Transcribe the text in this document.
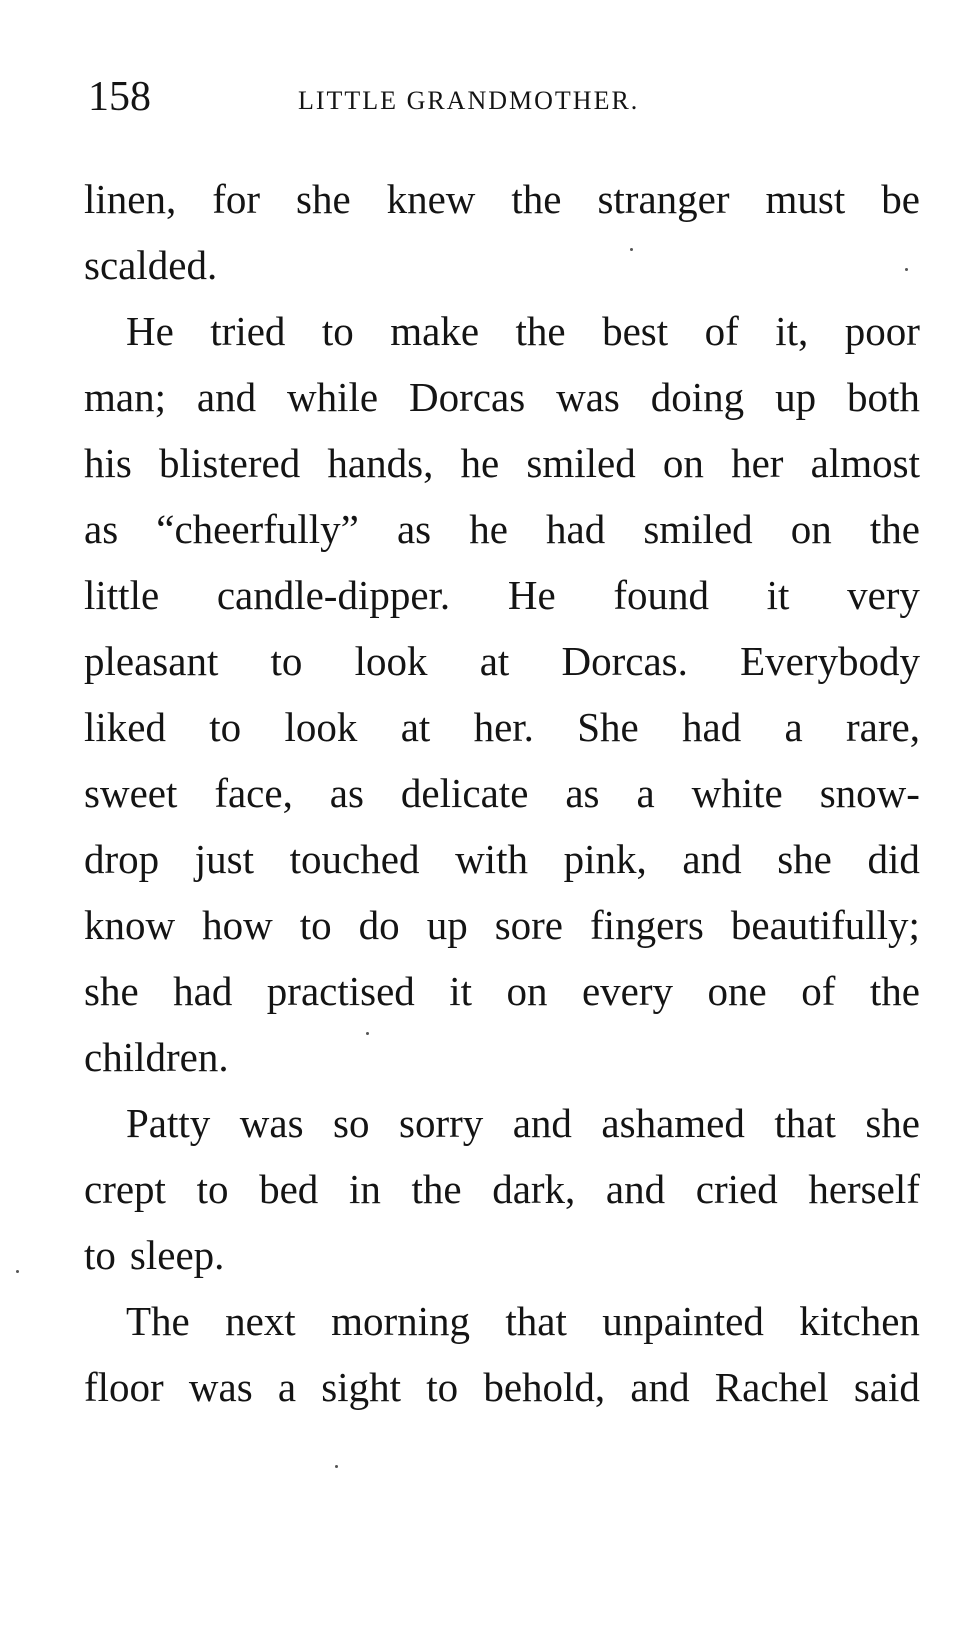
158	LITTLE GRANDMOTHER.
linen, for she knew the stranger must be
scalded.
He tried to make the best of it, poor
man; and while Dorcas was doing up both
his blistered hands, he smiled on her almost
as “cheerfully” as he had smiled on the
little candle-dipper. He found it very
pleasant to look at Dorcas. Everybody
liked to look at her. She had a rare,
sweet face, as delicate as a white snow-
drop just touched with pink, and she did
know how to do up sore fingers beautifully;
she had practised it on every one of the
children.
Patty was so sorry and ashamed that she
crept to bed in the dark, and cried herself
to sleep.
The next morning that unpainted kitchen
floor was a sight to behold, and Rachel said
